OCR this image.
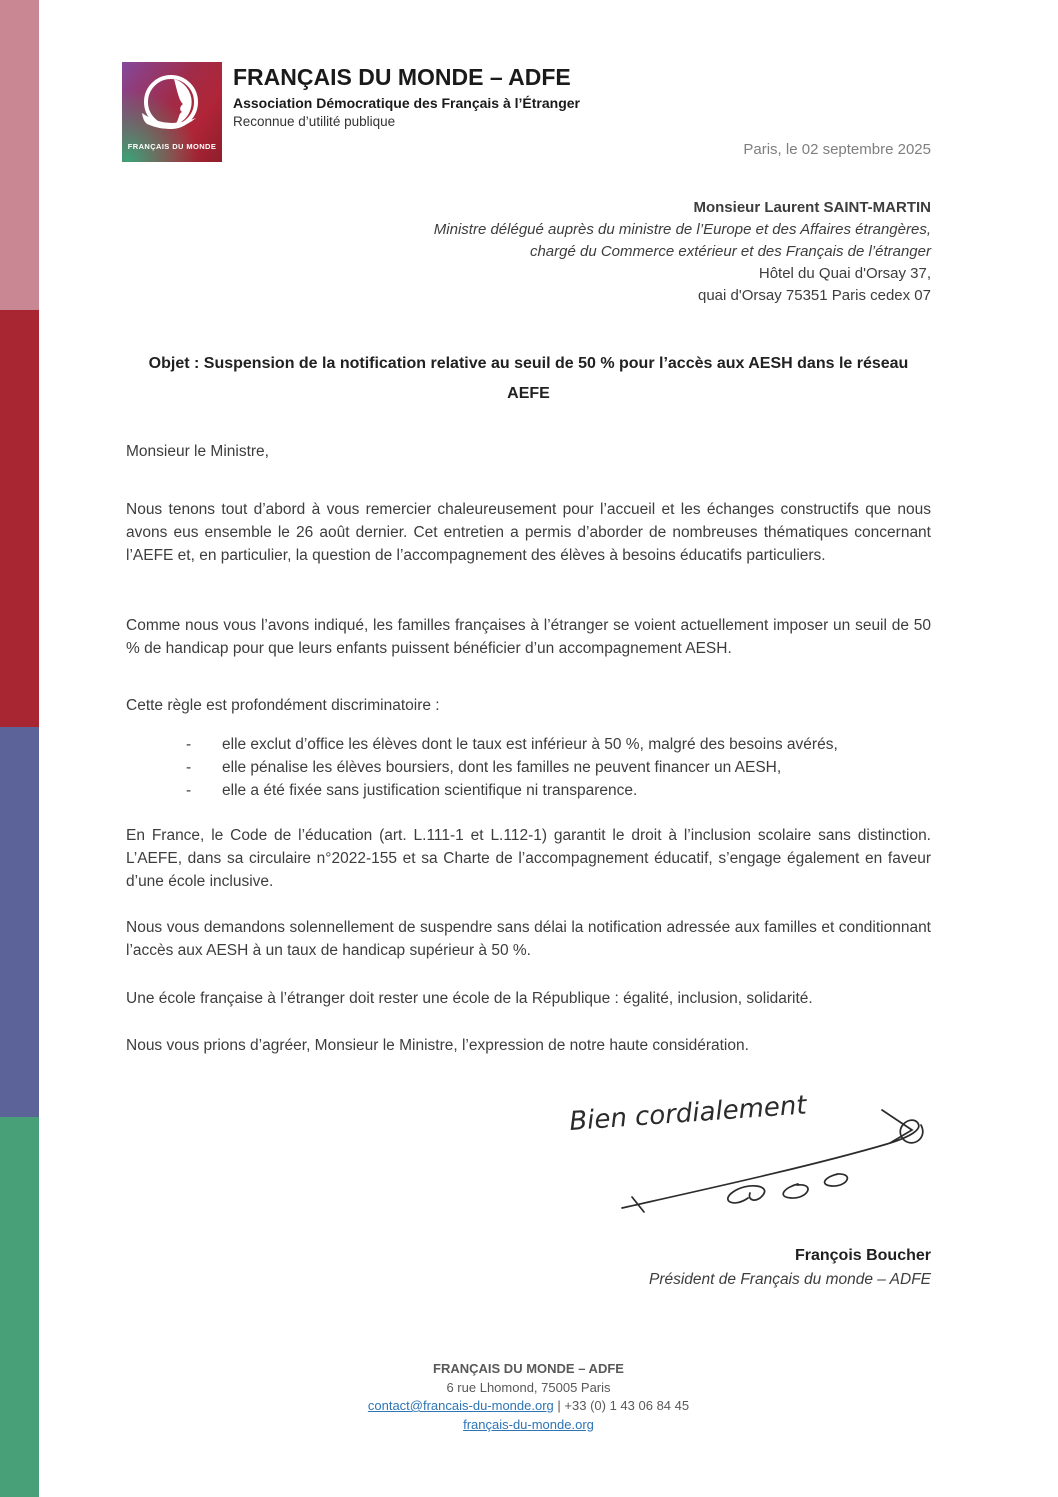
FRANÇAIS DU MONDE
FRANÇAIS DU MONDE – ADFE
Association Démocratique des Français à l’Étranger
Reconnue d’utilité publique
Paris, le 02 septembre 2025
Monsieur Laurent SAINT-MARTIN
Ministre délégué auprès du ministre de l’Europe et des Affaires étrangères,
chargé du Commerce extérieur et des Français de l’étranger
Hôtel du Quai d'Orsay 37,
quai d'Orsay 75351 Paris cedex 07
Objet : Suspension de la notification relative au seuil de 50 % pour l’accès aux AESH dans le réseau
AEFE
Monsieur le Ministre,
Nous tenons tout d’abord à vous remercier chaleureusement pour l’accueil et les échanges constructifs que nous avons eus ensemble le 26 août dernier. Cet entretien a permis d’aborder de nombreuses thématiques concernant l’AEFE et, en particulier, la question de l’accompagnement des élèves à besoins éducatifs particuliers.
Comme nous vous l’avons indiqué, les familles françaises à l’étranger se voient actuellement imposer un seuil de 50 % de handicap pour que leurs enfants puissent bénéficier d’un accompagnement AESH.
Cette règle est profondément discriminatoire :
-	elle exclut d’office les élèves dont le taux est inférieur à 50 %, malgré des besoins avérés,
-	elle pénalise les élèves boursiers, dont les familles ne peuvent financer un AESH,
-	elle a été fixée sans justification scientifique ni transparence.
En France, le Code de l’éducation (art. L.111-1 et L.112-1) garantit le droit à l’inclusion scolaire sans distinction. L’AEFE, dans sa circulaire n°2022-155 et sa Charte de l’accompagnement éducatif, s’engage également en faveur d’une école inclusive.
Nous vous demandons solennellement de suspendre sans délai la notification adressée aux familles et conditionnant l’accès aux AESH à un taux de handicap supérieur à 50 %.
Une école française à l’étranger doit rester une école de la République : égalité, inclusion, solidarité.
Nous vous prions d’agréer, Monsieur le Ministre, l’expression de notre haute considération.
Bien cordialement
François Boucher
Président de Français du monde – ADFE
FRANÇAIS DU MONDE – ADFE
6 rue Lhomond, 75005 Paris
contact@francais-du-monde.org | +33 (0) 1 43 06 84 45
français-du-monde.org
